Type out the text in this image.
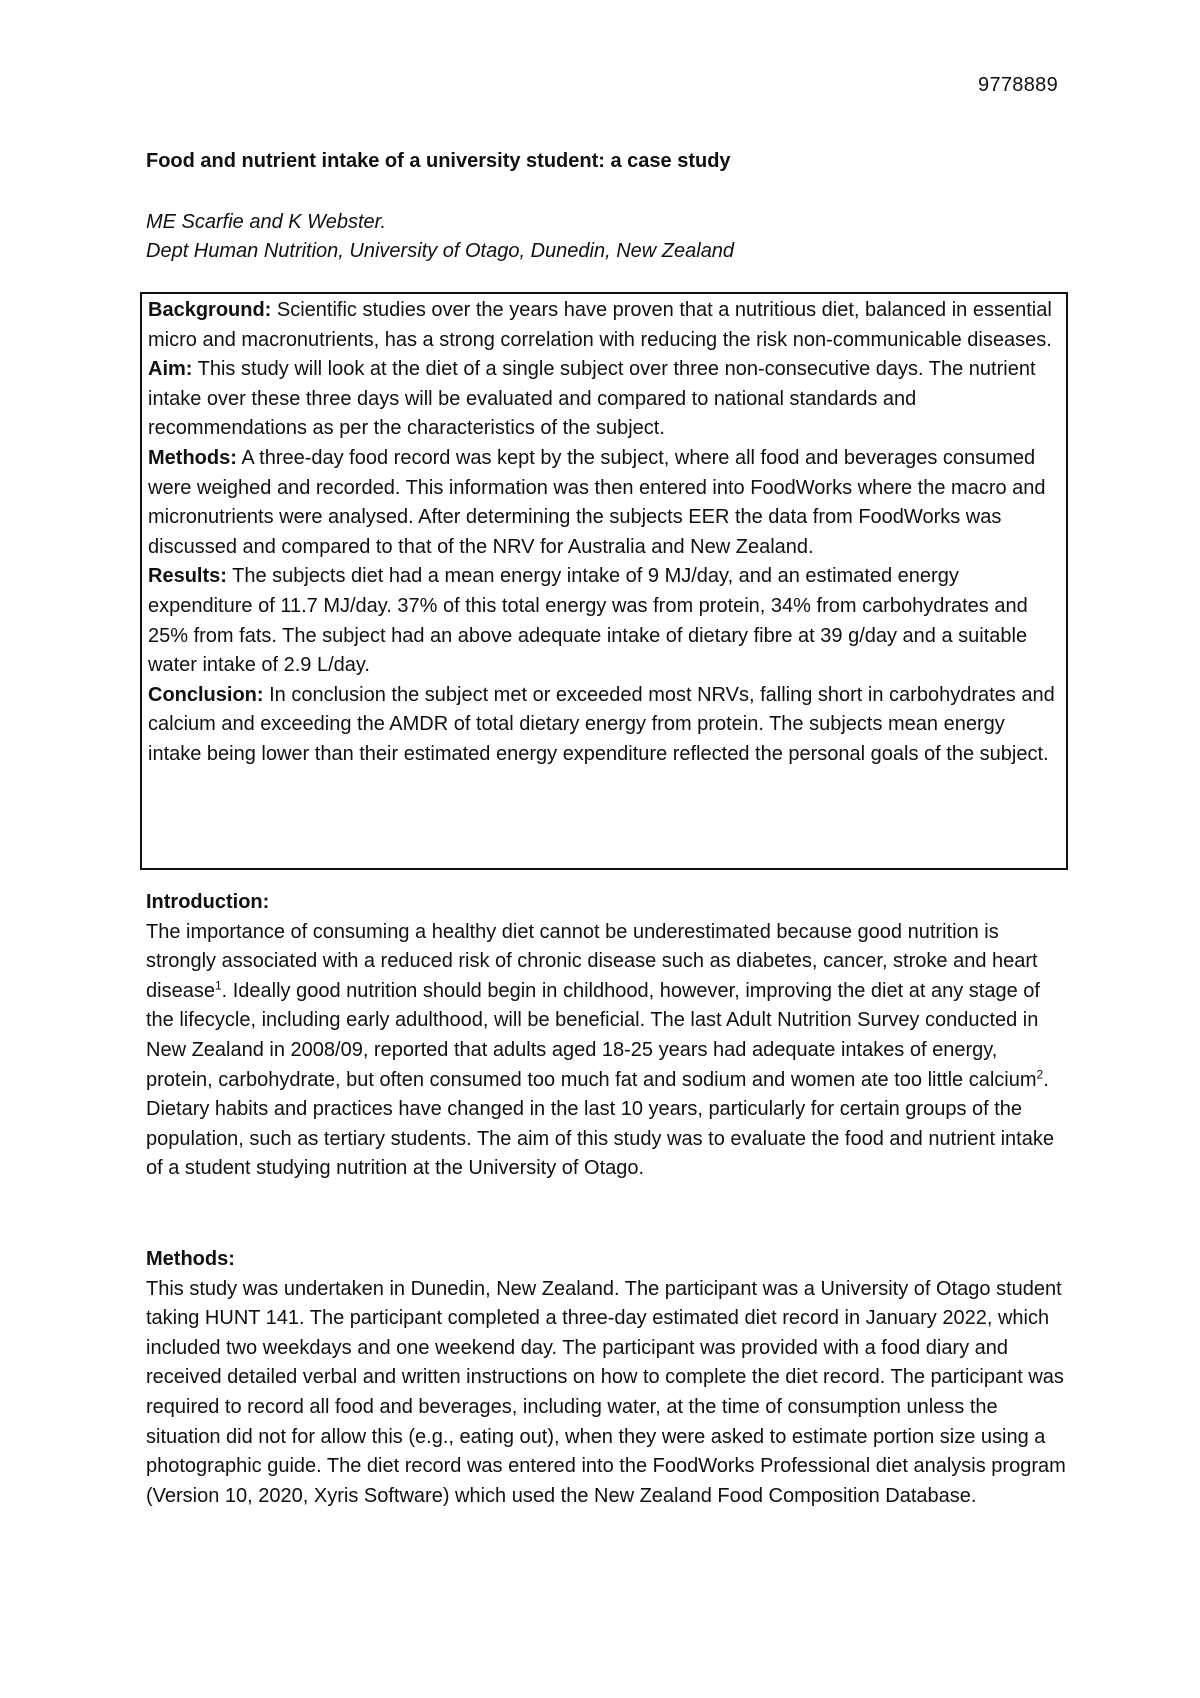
9778889
Food and nutrient intake of a university student: a case study
ME Scarfie and K Webster.
Dept Human Nutrition, University of Otago, Dunedin, New Zealand

Background: Scientific studies over the years have proven that a nutritious diet, balanced in essential micro and macronutrients, has a strong correlation with reducing the risk non-communicable diseases.

Aim: This study will look at the diet of a single subject over three non-consecutive days. The nutrient intake over these three days will be evaluated and compared to national standards and recommendations as per the characteristics of the subject.

Methods: A three-day food record was kept by the subject, where all food and beverages consumed were weighed and recorded. This information was then entered into FoodWorks where the macro and micronutrients were analysed. After determining the subjects EER the data from FoodWorks was discussed and compared to that of the NRV for Australia and New Zealand.

Results: The subjects diet had a mean energy intake of 9 MJ/day, and an estimated energy expenditure of 11.7 MJ/day. 37% of this total energy was from protein, 34% from carbohydrates and 25% from fats. The subject had an above adequate intake of dietary fibre at 39 g/day and a suitable water intake of 2.9 L/day.

Conclusion: In conclusion the subject met or exceeded most NRVs, falling short in carbohydrates and calcium and exceeding the AMDR of total dietary energy from protein. The subjects mean energy intake being lower than their estimated energy expenditure reflected the personal goals of the subject.

Introduction:

The importance of consuming a healthy diet cannot be underestimated because good nutrition is strongly associated with a reduced risk of chronic disease such as diabetes, cancer, stroke and heart disease$^1$. Ideally good nutrition should begin in childhood, however, improving the diet at any stage of the lifecycle, including early adulthood, will be beneficial. The last Adult Nutrition Survey conducted in New Zealand in 2008/09, reported that adults aged 18-25 years had adequate intakes of energy, protein, carbohydrate, but often consumed too much fat and sodium and women ate too little calcium$^2$. Dietary habits and practices have changed in the last 10 years, particularly for certain groups of the population, such as tertiary students. The aim of this study was to evaluate the food and nutrient intake of a student studying nutrition at the University of Otago.

Methods:

This study was undertaken in Dunedin, New Zealand. The participant was a University of Otago student taking HUNT 141. The participant completed a three-day estimated diet record in January 2022, which included two weekdays and one weekend day. The participant was provided with a food diary and received detailed verbal and written instructions on how to complete the diet record. The participant was required to record all food and beverages, including water, at the time of consumption unless the situation did not for allow this (e.g., eating out), when they were asked to estimate portion size using a photographic guide. The diet record was entered into the FoodWorks Professional diet analysis program (Version 10, 2020, Xyris Software) which used the New Zealand Food Composition Database.
